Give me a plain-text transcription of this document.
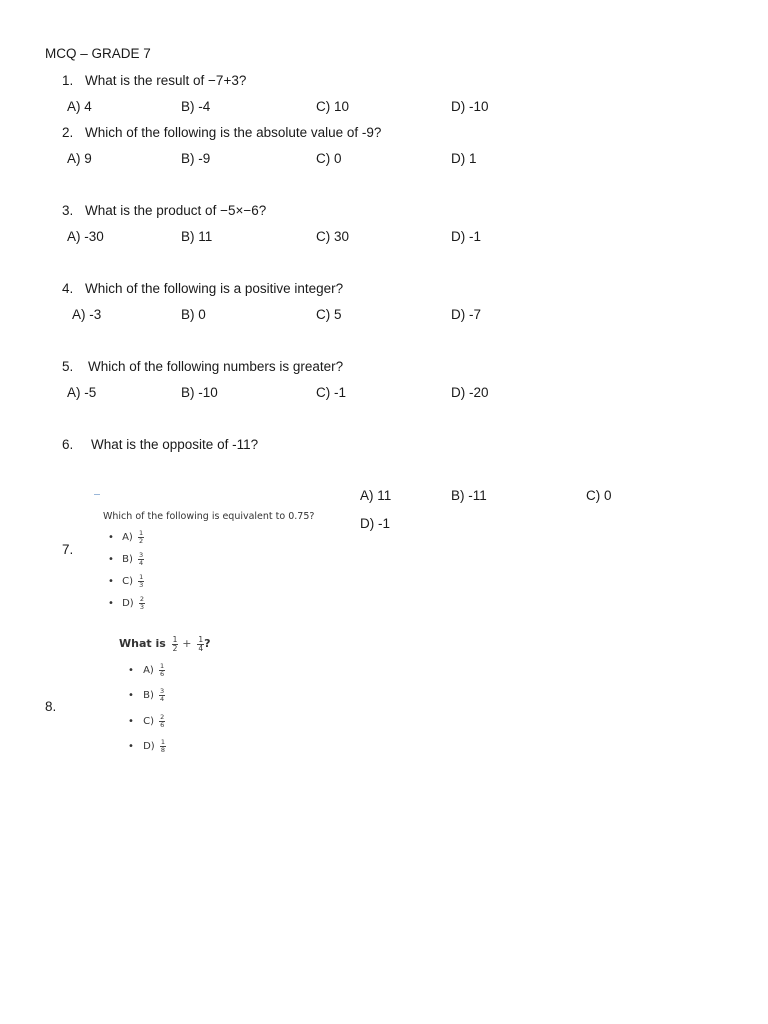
MCQ – GRADE 7
1. What is the result of −7+3?
A) 4	B) -4	C) 10	D) -10
2. Which of the following is the absolute value of -9?
A) 9	B) -9	C) 0	D) 1
3. What is the product of −5×−6?
A) -30	B) 11	C) 30	D) -1
4. Which of the following is a positive integer?
A) -3	B) 0	C) 5	D) -7
5. Which of the following numbers is greater?
A) -5	B) -10	C) -1	D) -20
6. What is the opposite of -11?
A) 11	B) -11	C) 0
D) -1
7.
Which of the following is equivalent to 0.75?
• $A) \frac{1}{2}$
• $B) \frac{3}{4}$
• $C) \frac{1}{3}$
• $D) \frac{2}{3}$
8.
What is $\frac{1}{2} + \frac{1}{4}$ ?
• $A) \frac{1}{6}$
• $B) \frac{3}{4}$
• $C) \frac{2}{6}$
• $D) \frac{1}{8}$
